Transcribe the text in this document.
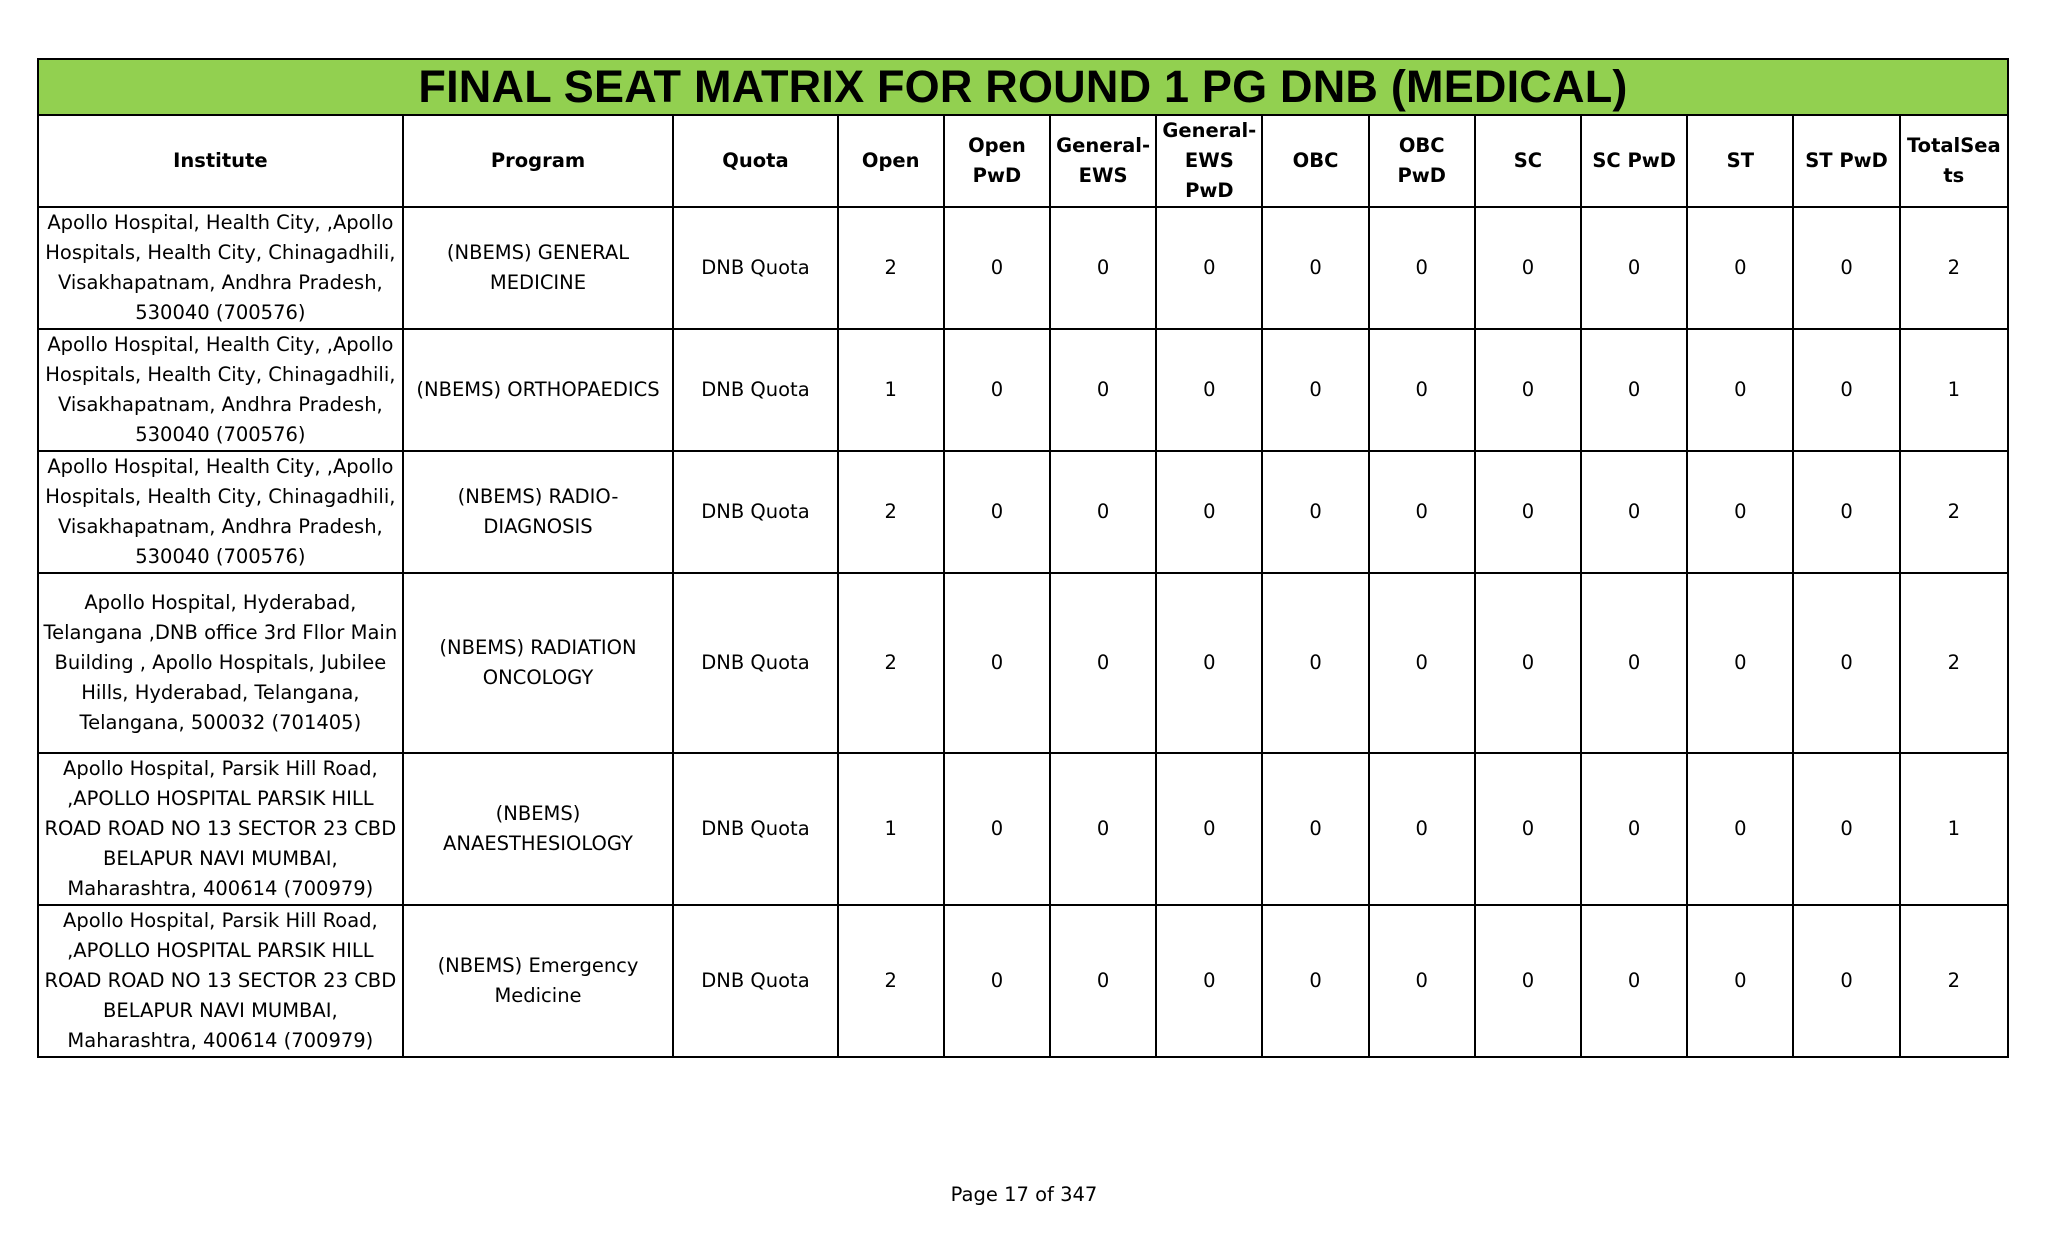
FINAL SEAT MATRIX FOR ROUND 1 PG DNB (MEDICAL)
Institute	Program	Quota	Open	Open PwD	General-EWS	General-EWS PwD	OBC	OBC PwD	SC	SC PwD	ST	ST PwD	TotalSeats
Apollo Hospital, Health City, ,Apollo Hospitals, Health City, Chinagadhili, Visakhapatnam, Andhra Pradesh, 530040 (700576)	(NBEMS) GENERAL MEDICINE	DNB Quota	2	0	0	0	0	0	0	0	0	0	2
Apollo Hospital, Health City, ,Apollo Hospitals, Health City, Chinagadhili, Visakhapatnam, Andhra Pradesh, 530040 (700576)	(NBEMS) ORTHOPAEDICS	DNB Quota	1	0	0	0	0	0	0	0	0	0	1
Apollo Hospital, Health City, ,Apollo Hospitals, Health City, Chinagadhili, Visakhapatnam, Andhra Pradesh, 530040 (700576)	(NBEMS) RADIO-DIAGNOSIS	DNB Quota	2	0	0	0	0	0	0	0	0	0	2
Apollo Hospital, Hyderabad, Telangana ,DNB office 3rd Fllor Main Building , Apollo Hospitals, Jubilee Hills, Hyderabad, Telangana, Telangana, 500032 (701405)	(NBEMS) RADIATION ONCOLOGY	DNB Quota	2	0	0	0	0	0	0	0	0	0	2
Apollo Hospital, Parsik Hill Road, ,APOLLO HOSPITAL PARSIK HILL ROAD ROAD NO 13 SECTOR 23 CBD BELAPUR NAVI MUMBAI, Maharashtra, 400614 (700979)	(NBEMS) ANAESTHESIOLOGY	DNB Quota	1	0	0	0	0	0	0	0	0	0	1
Apollo Hospital, Parsik Hill Road, ,APOLLO HOSPITAL PARSIK HILL ROAD ROAD NO 13 SECTOR 23 CBD BELAPUR NAVI MUMBAI, Maharashtra, 400614 (700979)	(NBEMS) Emergency Medicine	DNB Quota	2	0	0	0	0	0	0	0	0	0	2
Page 17 of 347
